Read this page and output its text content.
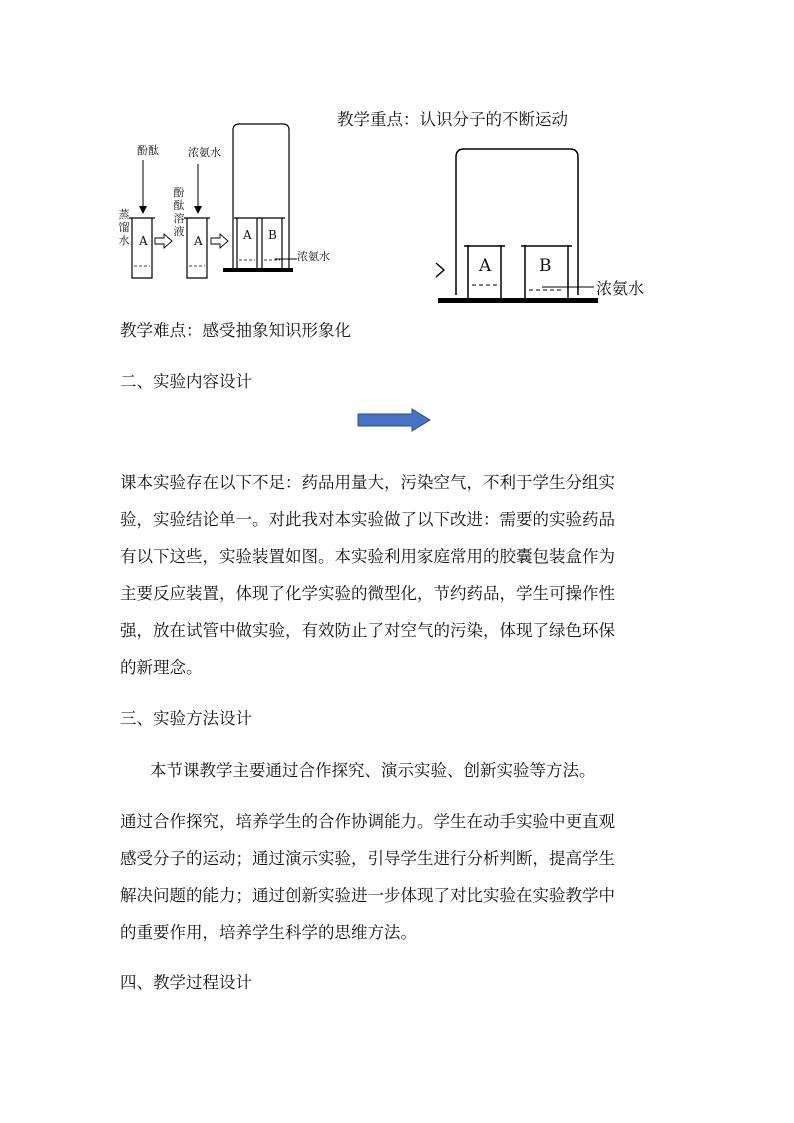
酚酞	浓氨水
蒸馏水
酚酞溶液
浓氨水
A	A	A B
教学重点：认识分子的不断运动
A	B
浓氨水
教学难点：感受抽象知识形象化
二、实验内容设计
课本实验存在以下不足：药品用量大，污染空气，不利于学生分组实
验，实验结论单一。对此我对本实验做了以下改进：需要的实验药品
有以下这些，实验装置如图。本实验利用家庭常用的胶囊包装盒作为
主要反应装置，体现了化学实验的微型化，节约药品，学生可操作性
强，放在试管中做实验，有效防止了对空气的污染，体现了绿色环保
的新理念。
三、实验方法设计
本节课教学主要通过合作探究、演示实验、创新实验等方法。
通过合作探究，培养学生的合作协调能力。学生在动手实验中更直观
感受分子的运动；通过演示实验，引导学生进行分析判断，提高学生
解决问题的能力；通过创新实验进一步体现了对比实验在实验教学中
的重要作用，培养学生科学的思维方法。
四、教学过程设计
